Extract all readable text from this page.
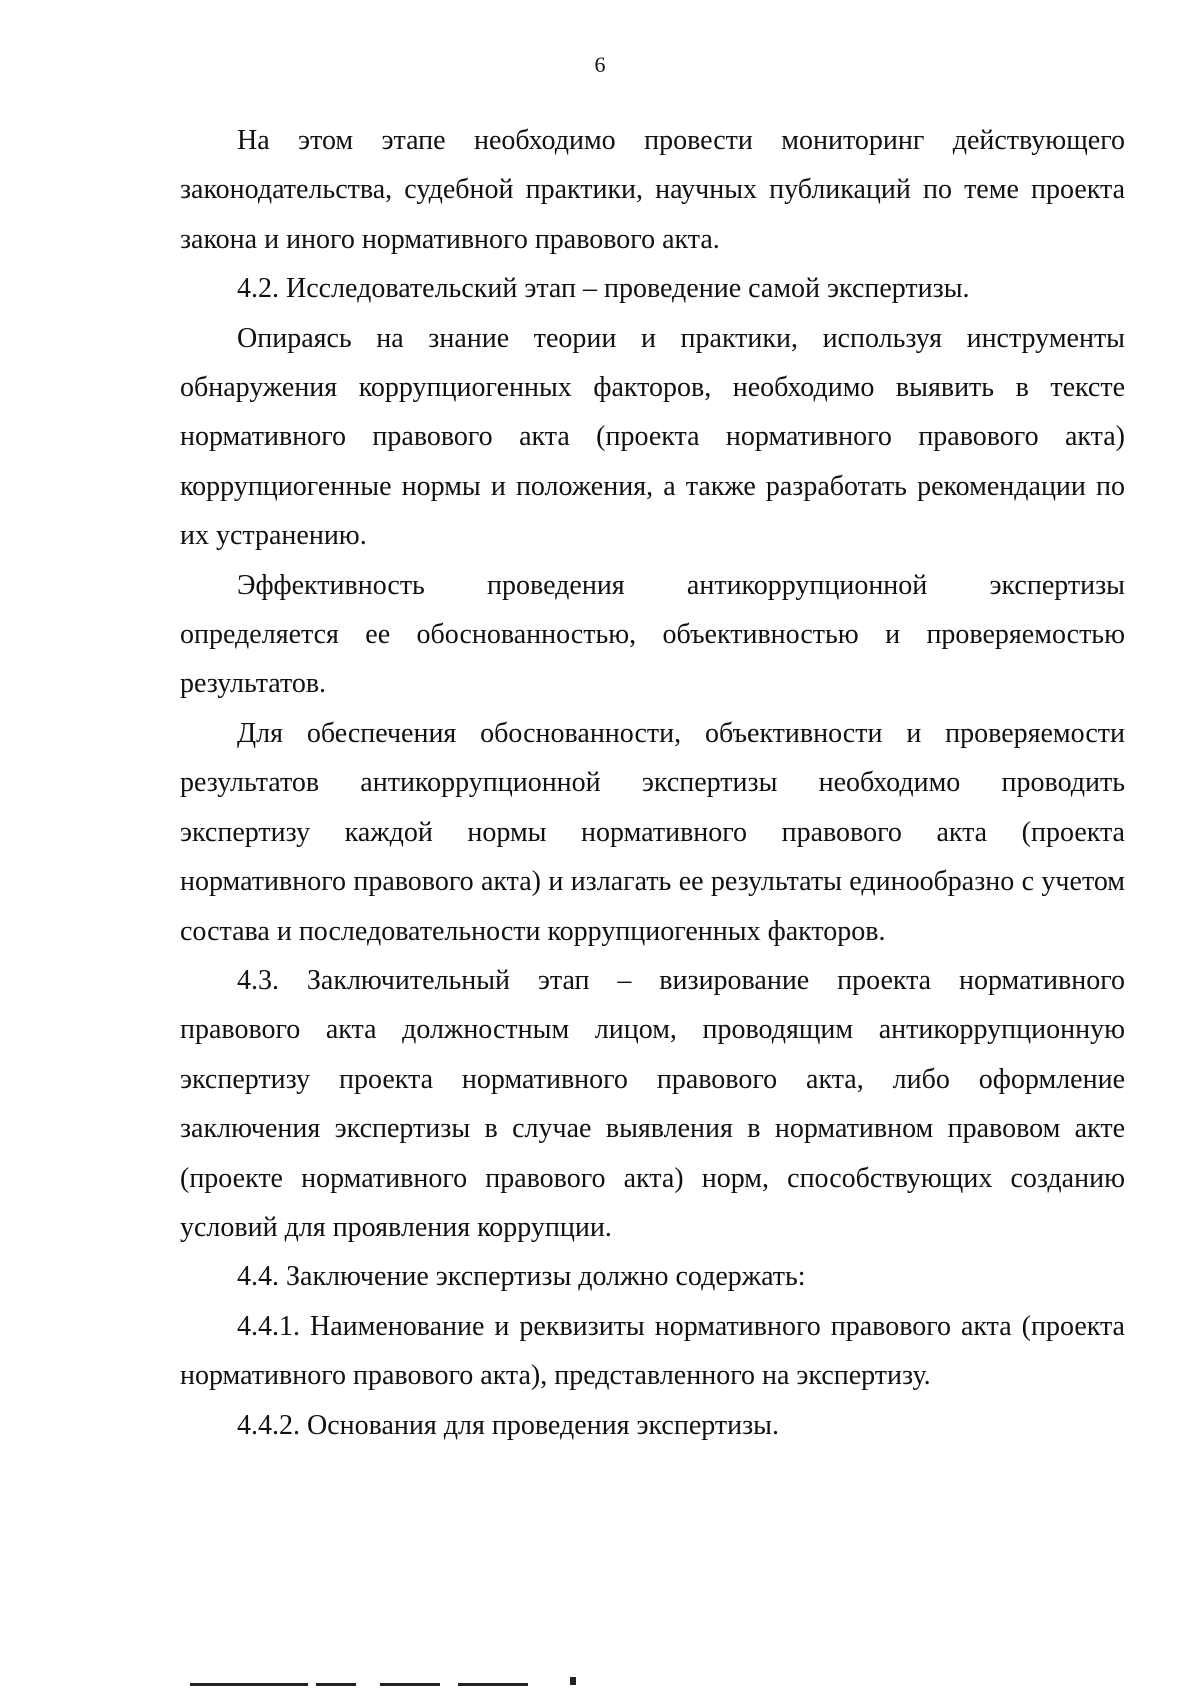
6

На этом этапе необходимо провести мониторинг действующего законодательства, судебной практики, научных публикаций по теме проекта закона и иного нормативного правового акта.

4.2. Исследовательский этап – проведение самой экспертизы.

Опираясь на знание теории и практики, используя инструменты обнаружения коррупциогенных факторов, необходимо выявить в тексте нормативного правового акта (проекта нормативного правового акта) коррупциогенные нормы и положения, а также разработать рекомендации по их устранению.

Эффективность проведения антикоррупционной экспертизы определяется ее обоснованностью, объективностью и проверяемостью результатов.

Для обеспечения обоснованности, объективности и проверяемости результатов антикоррупционной экспертизы необходимо проводить экспертизу каждой нормы нормативного правового акта (проекта нормативного правового акта) и излагать ее результаты единообразно с учетом состава и последовательности коррупциогенных факторов.

4.3. Заключительный этап – визирование проекта нормативного правового акта должностным лицом, проводящим антикоррупционную экспертизу проекта нормативного правового акта, либо оформление заключения экспертизы в случае выявления в нормативном правовом акте (проекте нормативного правового акта) норм, способствующих созданию условий для проявления коррупции.

4.4. Заключение экспертизы должно содержать:

4.4.1. Наименование и реквизиты нормативного правового акта (проекта нормативного правового акта), представленного на экспертизу.

4.4.2. Основания для проведения экспертизы.
